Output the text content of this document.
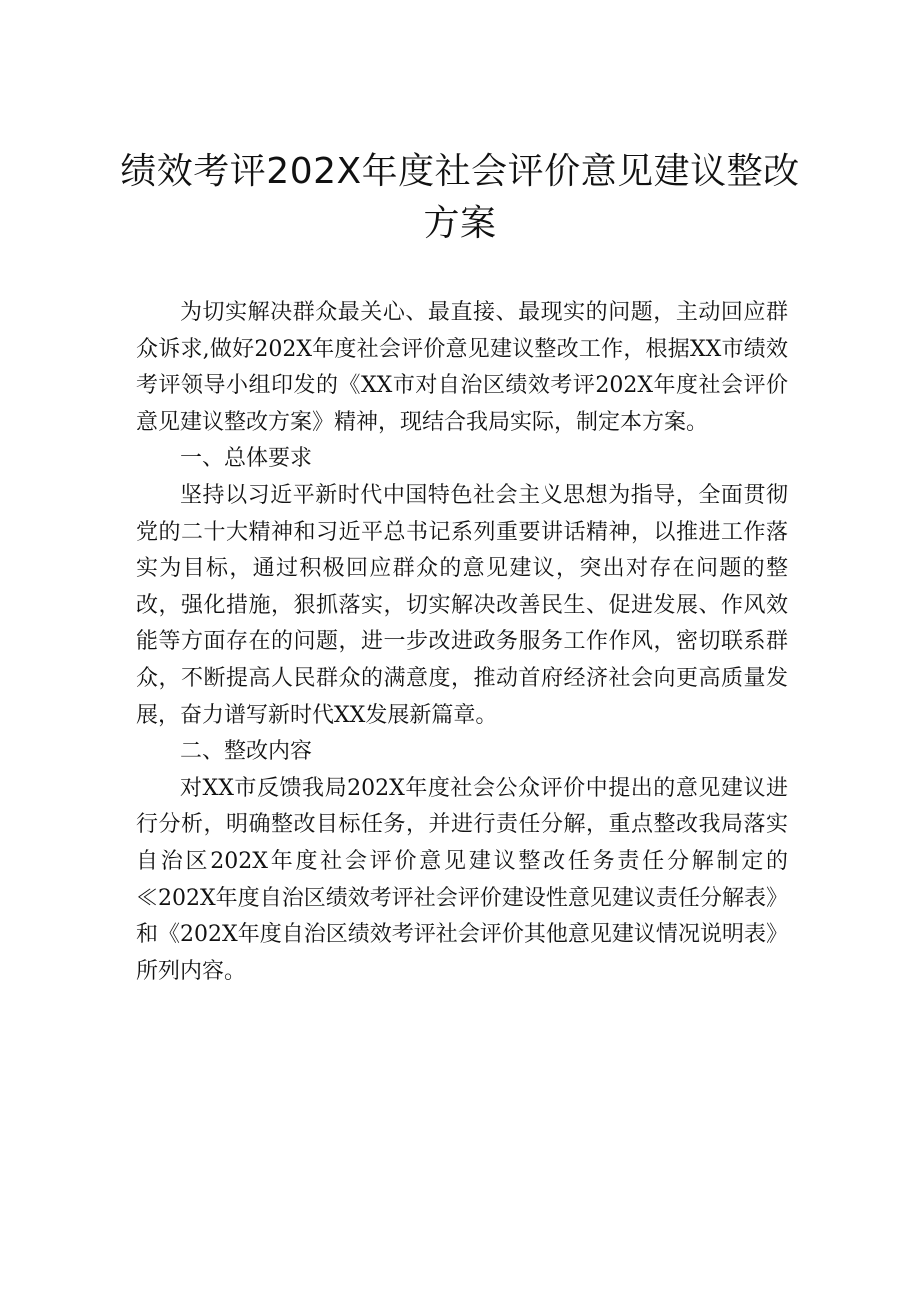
绩效考评202X年度社会评价意见建议整改方案

为切实解决群众最关心、最直接、最现实的问题，主动回应群众诉求,做好202X年度社会评价意见建议整改工作，根据XX市绩效考评领导小组印发的《XX市对自治区绩效考评202X年度社会评价意见建议整改方案》精神，现结合我局实际，制定本方案。

一、总体要求

坚持以习近平新时代中国特色社会主义思想为指导，全面贯彻党的二十大精神和习近平总书记系列重要讲话精神，以推进工作落实为目标，通过积极回应群众的意见建议，突出对存在问题的整改，强化措施，狠抓落实，切实解决改善民生、促进发展、作风效能等方面存在的问题，进一步改进政务服务工作作风，密切联系群众，不断提高人民群众的满意度，推动首府经济社会向更高质量发展，奋力谱写新时代XX发展新篇章。

二、整改内容

对XX市反馈我局202X年度社会公众评价中提出的意见建议进行分析，明确整改目标任务，并进行责任分解，重点整改我局落实自治区202X年度社会评价意见建议整改任务责任分解制定的≪202X年度自治区绩效考评社会评价建设性意见建议责任分解表》和《202X年度自治区绩效考评社会评价其他意见建议情况说明表》所列内容。
